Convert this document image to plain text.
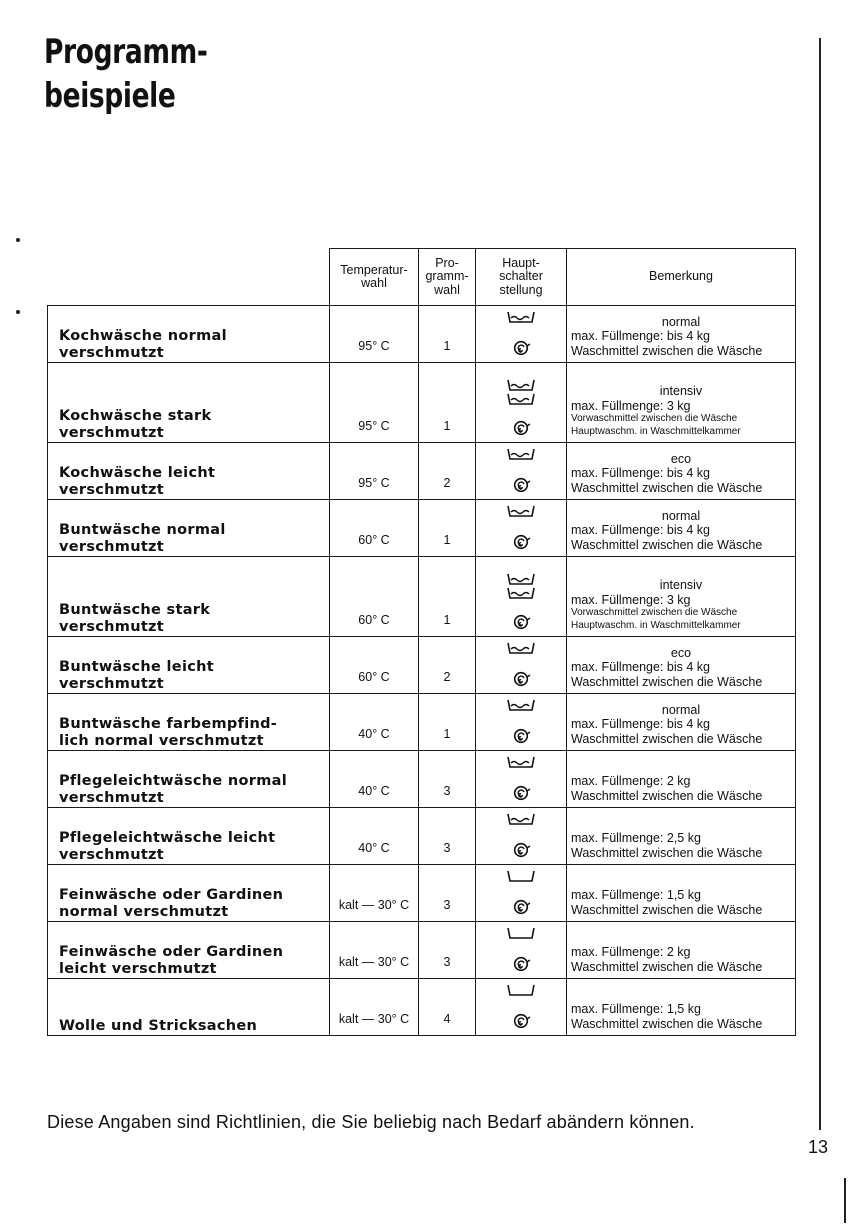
Programm-
beispiele
	Temperatur-
wahl	Pro-
gramm-
wahl	Haupt-
schalter
stellung	Bemerkung
Kochwäsche normal
verschmutzt	95° C	1		normal
max. Füllmenge: bis 4 kg
Waschmittel zwischen die Wäsche

Kochwäsche stark
verschmutzt	95° C	1		intensiv
max. Füllmenge: 3 kg
Vorwaschmittel zwischen die Wäsche
Hauptwaschm. in Waschmittelkammer

Kochwäsche leicht
verschmutzt	95° C	2		eco
max. Füllmenge: bis 4 kg
Waschmittel zwischen die Wäsche

Buntwäsche normal
verschmutzt	60° C	1		normal
max. Füllmenge: bis 4 kg
Waschmittel zwischen die Wäsche

Buntwäsche stark
verschmutzt	60° C	1		intensiv
max. Füllmenge: 3 kg
Vorwaschmittel zwischen die Wäsche
Hauptwaschm. in Waschmittelkammer

Buntwäsche leicht
verschmutzt	60° C	2		eco
max. Füllmenge: bis 4 kg
Waschmittel zwischen die Wäsche

Buntwäsche farbempfind-
lich normal verschmutzt	40° C	1		normal
max. Füllmenge: bis 4 kg
Waschmittel zwischen die Wäsche

Pflegeleichtwäsche normal
verschmutzt	40° C	3		max. Füllmenge: 2 kg
Waschmittel zwischen die Wäsche

Pflegeleichtwäsche leicht
verschmutzt	40° C	3		max. Füllmenge: 2,5 kg
Waschmittel zwischen die Wäsche

Feinwäsche oder Gardinen
normal verschmutzt	kalt — 30° C	3		max. Füllmenge: 1,5 kg
Waschmittel zwischen die Wäsche

Feinwäsche oder Gardinen
leicht verschmutzt	kalt — 30° C	3		max. Füllmenge: 2 kg
Waschmittel zwischen die Wäsche

Wolle und Stricksachen	kalt — 30° C	4		max. Füllmenge: 1,5 kg
Waschmittel zwischen die Wäsche
Diese Angaben sind Richtlinien, die Sie beliebig nach Bedarf abändern können.
13
